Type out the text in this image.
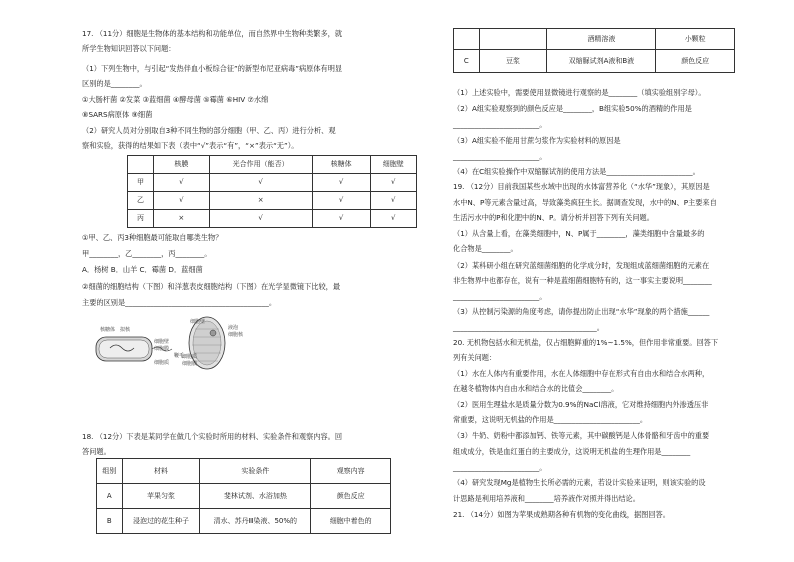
17. （11分）细胞是生物体的基本结构和功能单位，而自然界中生物种类繁多，就
所学生物知识回答以下问题：
（1）下列生物中，与引起“发热伴血小板综合征”的新型布尼亚病毒”病原体有明显
区别的是________。
①大肠杆菌 ②发菜 ③蓝细菌 ④酵母菌 ⑤霉菌 ⑥HIV ⑦水绵
⑧SARS病原体 ⑨细菌
（2）研究人员对分别取自3种不同生物的部分细胞（甲、乙、丙）进行分析、观
察和实验，获得的结果如下表（表中“√”表示“有”，“×”表示“无”）。
	核膜	光合作用（能否）	核糖体	细胞壁
甲	√	√	√	√
乙	√	×	√	√
丙	×	√	√	√
①甲、乙、丙3种细胞最可能取自哪类生物？
甲________，乙________，丙________。
A．杨树 B．山羊 C．霉菌 D．蓝细菌
②细菌的细胞结构（下图）和洋葱表皮细胞结构（下图）在光学显微镜下比较，最
主要的区别是________________________________________。
核糖体 拟核
细胞壁
细胞膜
鞭毛
细胞质
细胞壁
液泡
细胞核
细胞质
细胞膜
18. （12分）下表是某同学在做几个实验时所用的材料、实验条件和观察内容。回
答问题。
组别	材料	实验条件	观察内容
A	苹果匀浆	斐林试剂、水浴加热	颜色反应
B	浸泡过的花生种子	清水、苏丹Ⅲ染液、50%的	细胞中着色的
		酒精溶液	小颗粒
C	豆浆	双缩脲试剂A液和B液	颜色反应
（1）上述实验中，需要使用显微镜进行观察的是________（填实验组别字母）。
（2）A组实验观察到的颜色反应是________，B组实验50%的酒精的作用是
________________________。
（3）A组实验不能用甘蔗匀浆作为实验材料的原因是
________________________。
（4）在C组实验操作中双缩脲试剂的使用方法是________________________。
19. （12分）目前我国某些水域中出现的水体富营养化（“水华”现象），其原因是
水中N、P等元素含量过高，导致藻类疯狂生长。据调查发现，水中的N、P主要来自
生活污水中的P和化肥中的N、P。请分析并回答下列有关问题。
（1）从含量上看，在藻类细胞中，N、P属于________，藻类细胞中含量最多的
化合物是________。
（2）某科研小组在研究蓝细菌细胞的化学成分时，发现组成蓝细菌细胞的元素在
非生物界中也都存在，说有一种是蓝细菌细胞特有的，这一事实主要说明________
________________________。
（3）从控制污染源的角度考虑，请你提出防止出现“水华”现象的两个措施______
________________________________________。
20. 无机物包括水和无机盐，仅占细胞鲜重的1%~1.5%，但作用非常重要。回答下
列有关问题：
（1）水在人体内有重要作用，水在人体细胞中存在形式有自由水和结合水两种，
在越冬植物体内自由水和结合水的比值会________。
（2）医用生理盐水是质量分数为0.9%的NaCl溶液，它对维持细胞内外渗透压非
常重要，这说明无机盐的作用是________________________。
（3）牛奶、奶粉中都添加钙、铁等元素，其中碳酸钙是人体骨骼和牙齿中的重要
组成成分，铁是血红蛋白的主要成分，这说明无机盐的生理作用是________
________________________。
（4）研究发现Mg是植物生长所必需的元素，若设计实验来证明，则该实验的设
计思路是利用培养液和________培养液作对照并得出结论。
21. （14分）如图为苹果成熟期各种有机物的变化曲线，据图回答。
